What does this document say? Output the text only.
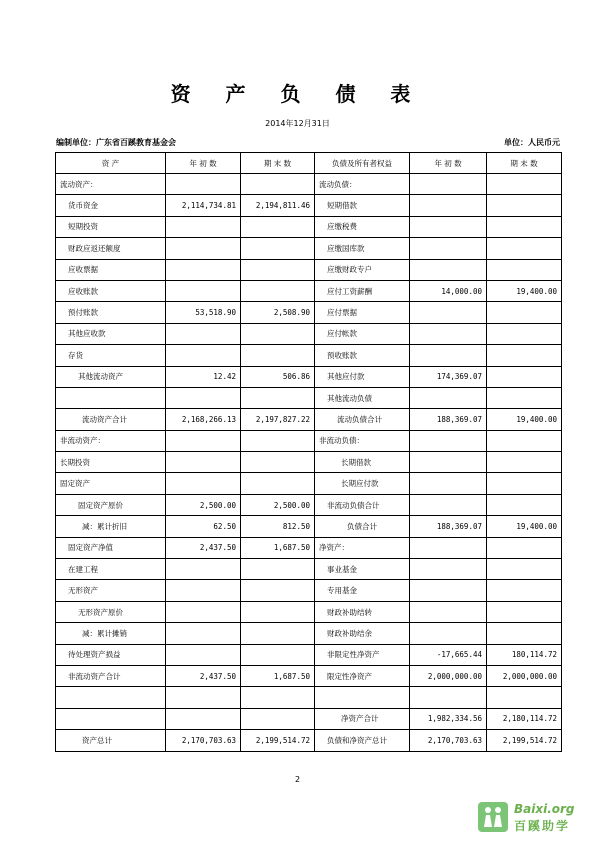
资 产 负 债 表
2014年12月31日
编制单位：广东省百蹊教育基金会	单位：人民币元
资 产	年 初 数	期 末 数	负债及所有者权益	年 初 数	期 末 数
流动资产：			流动负债：		
货币资金	2,114,734.81	2,194,811.46	短期借款		
短期投资			应缴税费		
财政应返还额度			应缴国库款		
应收票据			应缴财政专户		
应收账款			应付工资薪酬	14,000.00	19,400.00
预付账款	53,518.90	2,508.90	应付票据		
其他应收款			应付帐款		
存货			预收账款		
其他流动资产	12.42	506.86	其他应付款	174,369.07	
			其他流动负债		
流动资产合计	2,168,266.13	2,197,827.22	流动负债合计	188,369.07	19,400.00
非流动资产：			非流动负债：		
长期投资			长期借款		
固定资产			长期应付款		
固定资产原价	2,500.00	2,500.00	非流动负债合计		
减：累计折旧	62.50	812.50	负债合计	188,369.07	19,400.00
固定资产净值	2,437.50	1,687.50	净资产：		
在建工程			事业基金		
无形资产			专用基金		
无形资产原价			财政补助结转		
减：累计摊销			财政补助结余		
待处理资产损益			非限定性净资产	-17,665.44	180,114.72
非流动资产合计	2,437.50	1,687.50	限定性净资产	2,000,000.00	2,000,000.00

			净资产合计	1,982,334.56	2,180,114.72
资产总计	2,170,703.63	2,199,514.72	负债和净资产总计	2,170,703.63	2,199,514.72
2
Baixi.org
百蹊助学
